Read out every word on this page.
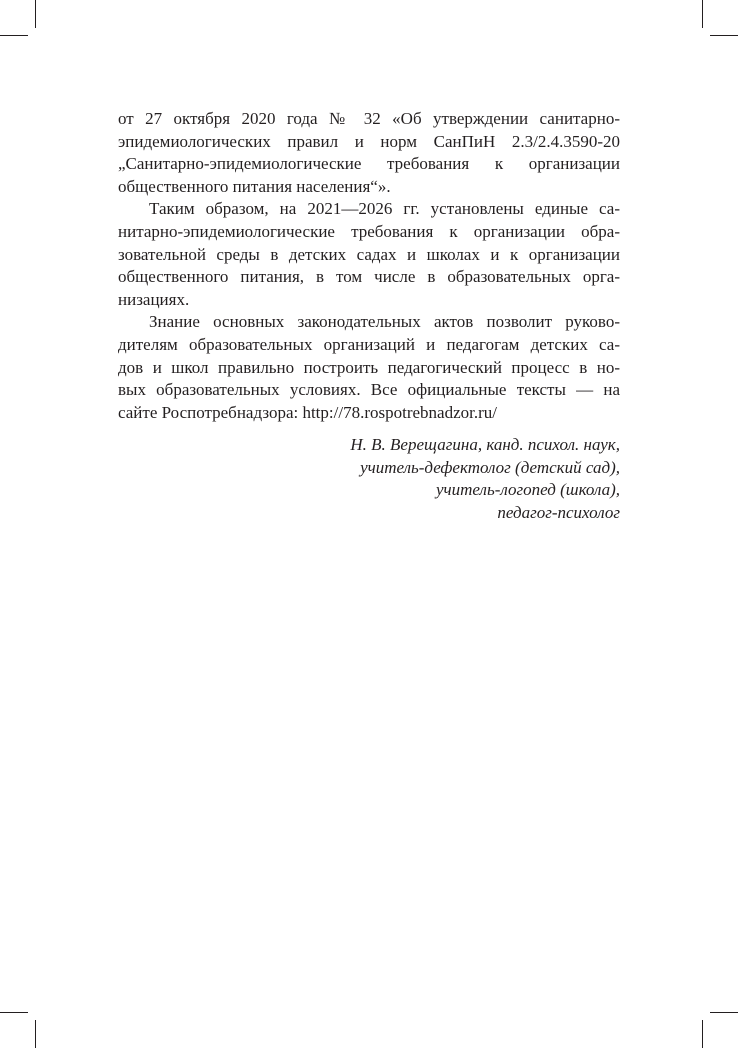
от 27 октября 2020 года № 32 «Об утверждении санитарно-
эпидемиологических правил и норм СанПиН 2.3/2.4.3590-20
„Санитарно-эпидемиологические требования к организации
общественного питания населения“».

Таким образом, на 2021—2026 гг. установлены единые са-
нитарно-эпидемиологические требования к организации обра-
зовательной среды в детских садах и школах и к организации
общественного питания, в том числе в образовательных орга-
низациях.

Знание основных законодательных актов позволит руково-
дителям образовательных организаций и педагогам детских са-
дов и школ правильно построить педагогический процесс в но-
вых образовательных условиях. Все официальные тексты — на
сайте Роспотребнадзора: http://78.rospotrebnadzor.ru/

Н. В. Верещагина, канд. психол. наук,
учитель-дефектолог (детский сад),
учитель-логопед (школа),
педагог-психолог
